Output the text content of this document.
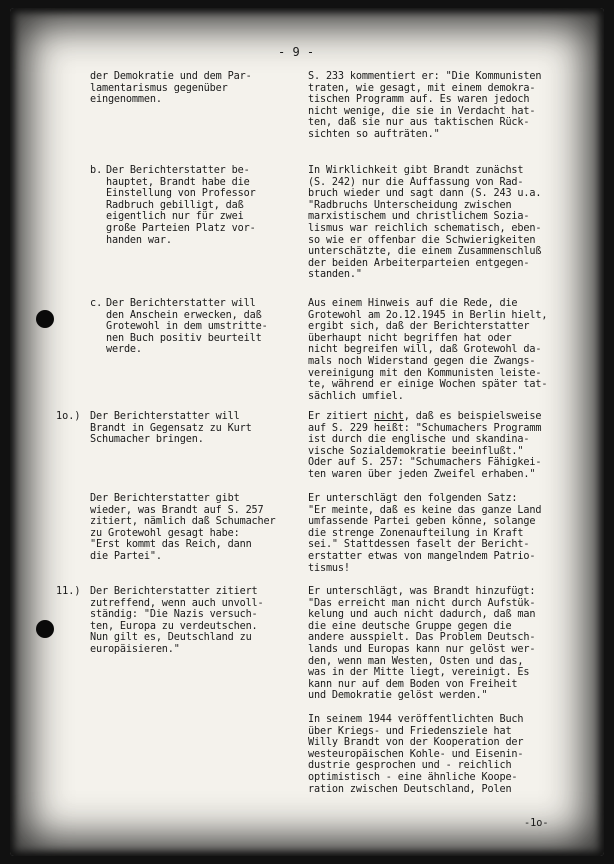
- 9 -
der Demokratie und dem Par-
lamentarismus gegenüber
eingenommen.
S. 233 kommentiert er: "Die Kommunisten
traten, wie gesagt, mit einem demokra-
tischen Programm auf. Es waren jedoch
nicht wenige, die sie in Verdacht hat-
ten, daß sie nur aus taktischen Rück-
sichten so aufträten."
b. Der Berichterstatter be-
hauptet, Brandt habe die
Einstellung von Professor
Radbruch gebilligt, daß
eigentlich nur für zwei
große Parteien Platz vor-
handen war.
In Wirklichkeit gibt Brandt zunächst
(S. 242) nur die Auffassung von Rad-
bruch wieder und sagt dann (S. 243 u.a.
"Radbruchs Unterscheidung zwischen
marxistischem und christlichem Sozia-
lismus war reichlich schematisch, eben-
so wie er offenbar die Schwierigkeiten
unterschätzte, die einem Zusammenschluß
der beiden Arbeiterparteien entgegen-
standen."
c. Der Berichterstatter will
den Anschein erwecken, daß
Grotewohl in dem umstritte-
nen Buch positiv beurteilt
werde.
Aus einem Hinweis auf die Rede, die
Grotewohl am 2o.12.1945 in Berlin hielt,
ergibt sich, daß der Berichterstatter
überhaupt nicht begriffen hat oder
nicht begreifen will, daß Grotewohl da-
mals noch Widerstand gegen die Zwangs-
vereinigung mit den Kommunisten leiste-
te, während er einige Wochen später tat-
sächlich umfiel.
1o.) Der Berichterstatter will
Brandt in Gegensatz zu Kurt
Schumacher bringen.
Er zitiert nicht, daß es beispielsweise
auf S. 229 heißt: "Schumachers Programm
ist durch die englische und skandina-
vische Sozialdemokratie beeinflußt."
Oder auf S. 257: "Schumachers Fähigkei-
ten waren über jeden Zweifel erhaben."
Der Berichterstatter gibt
wieder, was Brandt auf S. 257
zitiert, nämlich daß Schumacher
zu Grotewohl gesagt habe:
"Erst kommt das Reich, dann
die Partei".
Er unterschlägt den folgenden Satz:
"Er meinte, daß es keine das ganze Land
umfassende Partei geben könne, solange
die strenge Zonenaufteilung in Kraft
sei." Stattdessen faselt der Bericht-
erstatter etwas von mangelndem Patrio-
tismus!
11.) Der Berichterstatter zitiert
zutreffend, wenn auch unvoll-
ständig: "Die Nazis versuch-
ten, Europa zu verdeutschen.
Nun gilt es, Deutschland zu
europäisieren."
Er unterschlägt, was Brandt hinzufügt:
"Das erreicht man nicht durch Aufstük-
kelung und auch nicht dadurch, daß man
die eine deutsche Gruppe gegen die
andere ausspielt. Das Problem Deutsch-
lands und Europas kann nur gelöst wer-
den, wenn man Westen, Osten und das,
was in der Mitte liegt, vereinigt. Es
kann nur auf dem Boden von Freiheit
und Demokratie gelöst werden."
In seinem 1944 veröffentlichten Buch
über Kriegs- und Friedensziele hat
Willy Brandt von der Kooperation der
westeuropäischen Kohle- und Eisenin-
dustrie gesprochen und - reichlich
optimistisch - eine ähnliche Koope-
ration zwischen Deutschland, Polen
-1o-
